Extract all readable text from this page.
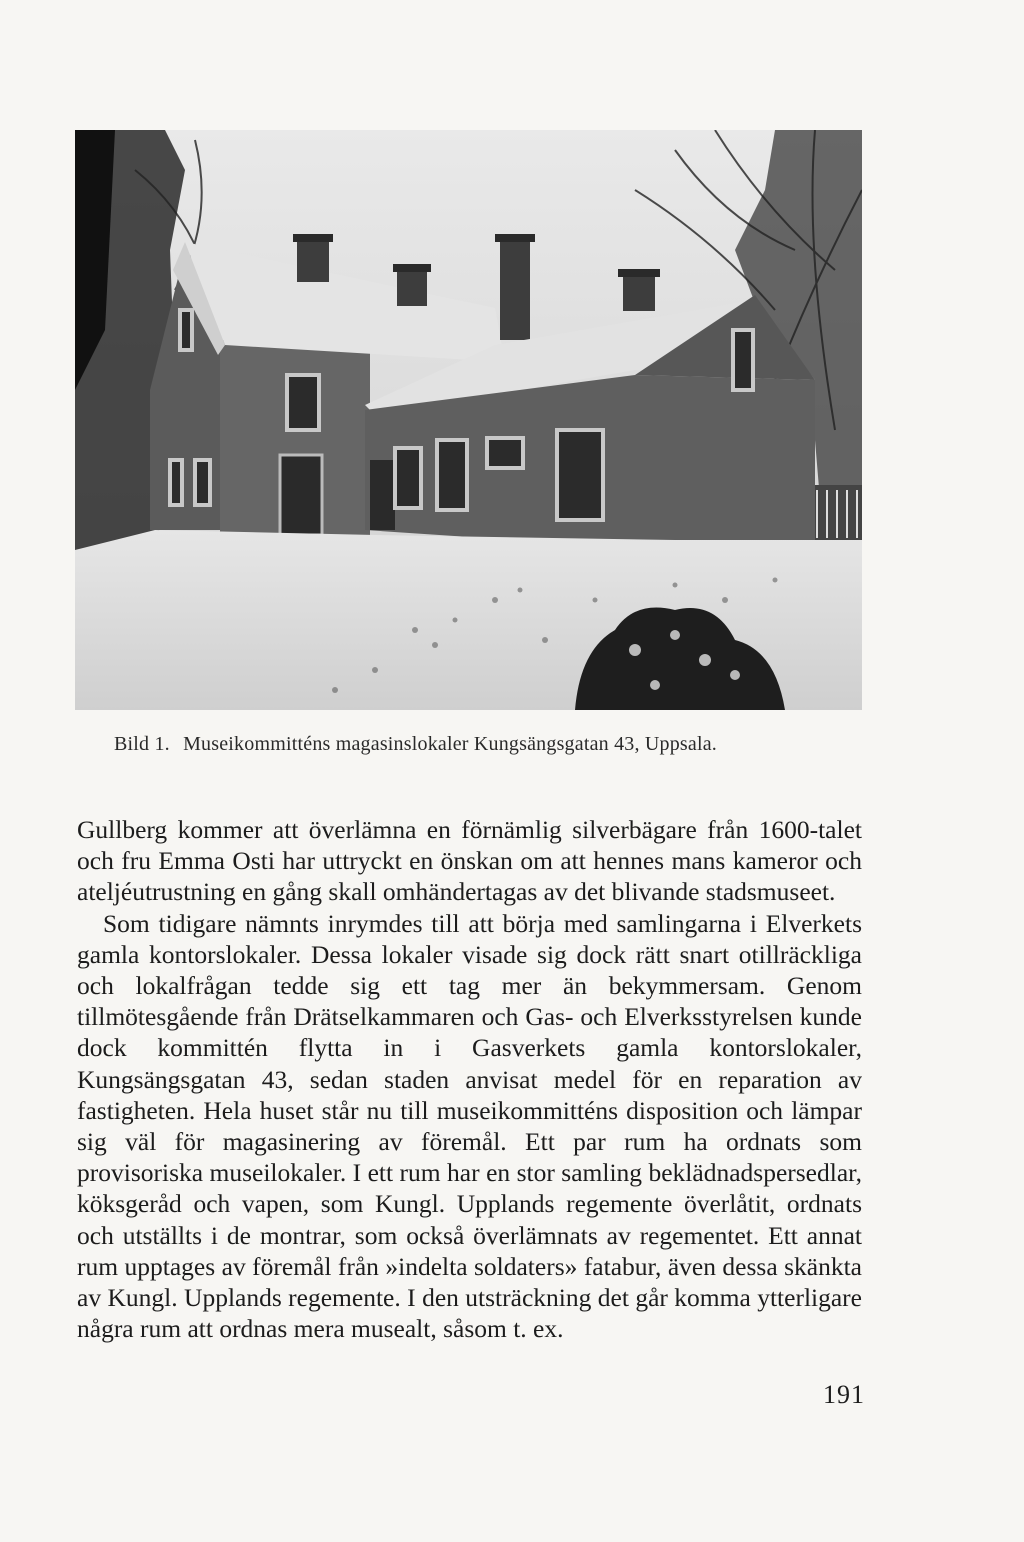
Bild 1. Museikommitténs magasinslokaler Kungsängsgatan 43, Uppsala.

Gullberg kommer att överlämna en förnämlig silverbägare från 1600-talet och fru Emma Osti har uttryckt en önskan om att hennes mans kameror och ateljéutrustning en gång skall omhändertagas av det blivande stadsmuseet.

Som tidigare nämnts inrymdes till att börja med samlingarna i Elverkets gamla kontorslokaler. Dessa lokaler visade sig dock rätt snart otillräckliga och lokalfrågan tedde sig ett tag mer än bekymmersam. Genom tillmötesgående från Drätselkammaren och Gas- och Elverksstyrelsen kunde dock kommittén flytta in i Gasverkets gamla kontorslokaler, Kungsängsgatan 43, sedan staden anvisat medel för en reparation av fastigheten. Hela huset står nu till museikommitténs disposition och lämpar sig väl för magasinering av föremål. Ett par rum ha ordnats som provisoriska museilokaler. I ett rum har en stor samling beklädnadspersedlar, köksgeråd och vapen, som Kungl. Upplands regemente överlåtit, ordnats och utställts i de montrar, som också överlämnats av regementet. Ett annat rum upptages av föremål från »indelta soldaters» fatabur, även dessa skänkta av Kungl. Upplands regemente. I den utsträckning det går komma ytterligare några rum att ordnas mera musealt, såsom t. ex.

191
